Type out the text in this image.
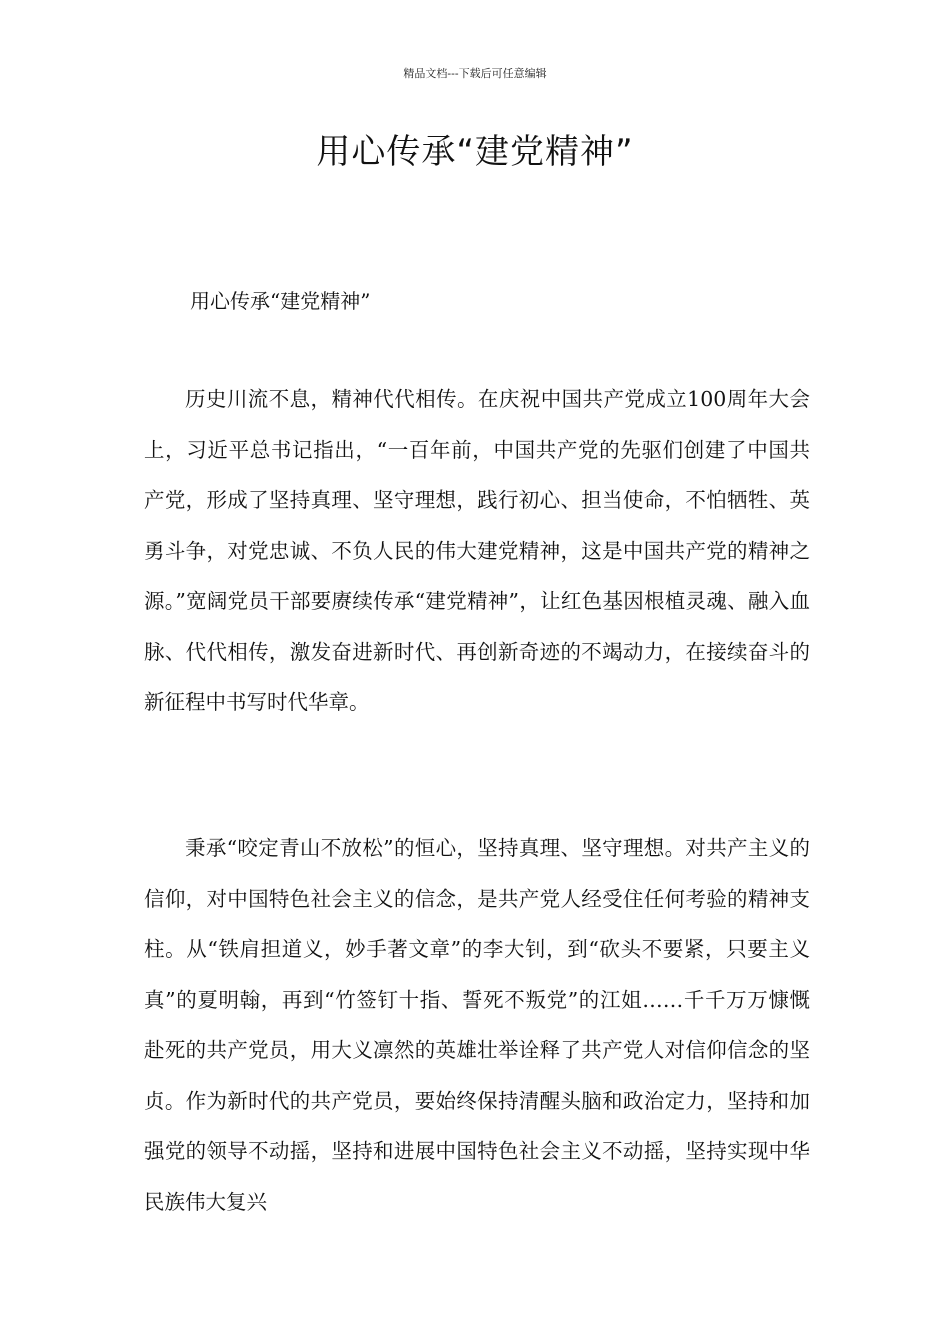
精品文档---下载后可任意编辑
用心传承“建党精神”

用心传承“建党精神”

历史川流不息，精神代代相传。在庆祝中国共产党成立100周年大会上，习近平总书记指出，“一百年前，中国共产党的先驱们创建了中国共产党，形成了坚持真理、坚守理想，践行初心、担当使命，不怕牺牲、英勇斗争，对党忠诚、不负人民的伟大建党精神，这是中国共产党的精神之源。”宽阔党员干部要赓续传承“建党精神”，让红色基因根植灵魂、融入血脉、代代相传，激发奋进新时代、再创新奇迹的不竭动力，在接续奋斗的新征程中书写时代华章。

秉承“咬定青山不放松”的恒心，坚持真理、坚守理想。对共产主义的信仰，对中国特色社会主义的信念，是共产党人经受住任何考验的精神支柱。从“铁肩担道义，妙手著文章”的李大钊，到“砍头不要紧，只要主义真”的夏明翰，再到“竹签钉十指、誓死不叛党”的江姐……千千万万慷慨赴死的共产党员，用大义凛然的英雄壮举诠释了共产党人对信仰信念的坚贞。作为新时代的共产党员，要始终保持清醒头脑和政治定力，坚持和加强党的领导不动摇，坚持和进展中国特色社会主义不动摇，坚持实现中华民族伟大复兴
